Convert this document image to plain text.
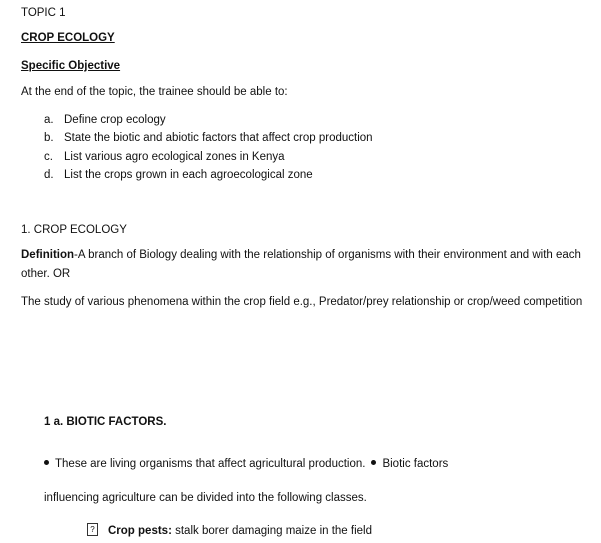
TOPIC 1
CROP ECOLOGY
Specific Objective
At the end of the topic, the trainee should be able to:
a. Define crop ecology
b. State the biotic and abiotic factors that affect crop production
c. List various agro ecological zones in Kenya
d. List the crops grown in each agroecological zone
1. CROP ECOLOGY
Definition-A branch of Biology dealing with the relationship of organisms with their environment and with each other. OR
The study of various phenomena within the crop field e.g., Predator/prey relationship or crop/weed competition
1 a. BIOTIC FACTORS.
These are living organisms that affect agricultural production. Biotic factors
influencing agriculture can be divided into the following classes.
? Crop pests: stalk borer damaging maize in the field
